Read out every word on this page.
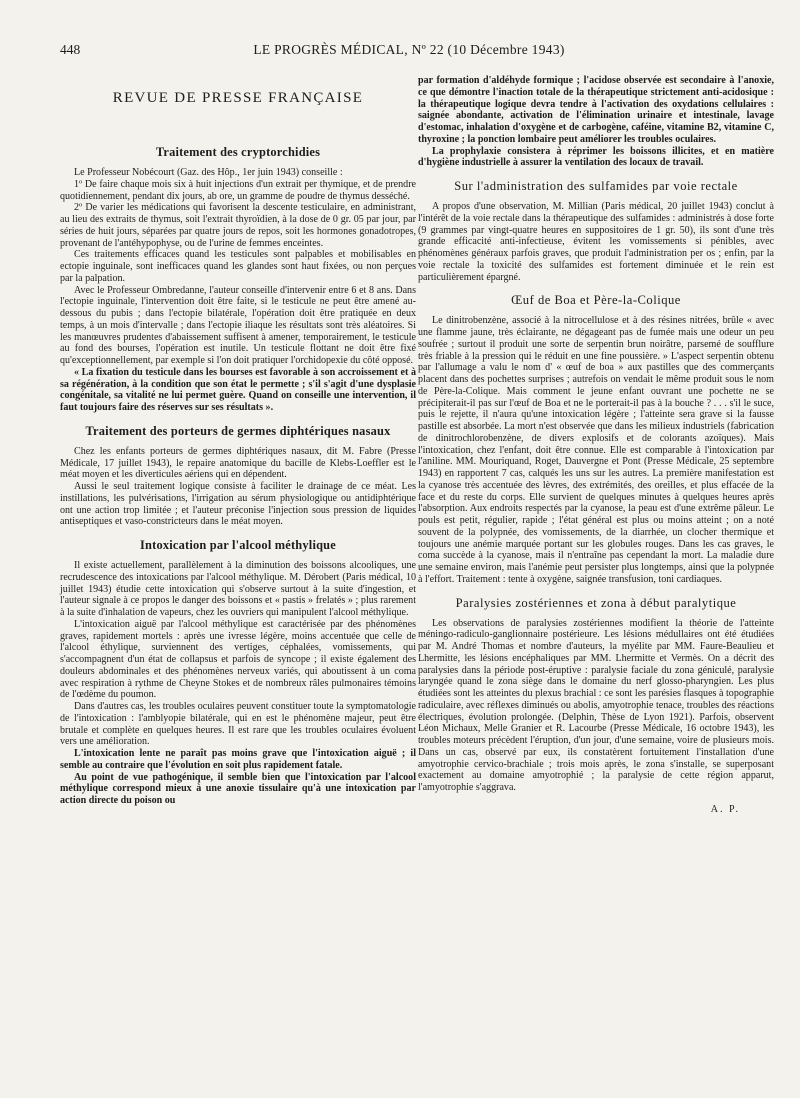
448	LE PROGRÈS MÉDICAL, Nº 22 (10 Décembre 1943)
REVUE DE PRESSE FRANÇAISE
Traitement des cryptorchidies

Le Professeur Nobécourt (Gaz. des Hôp., 1er juin 1943) conseille :

1º De faire chaque mois six à huit injections d'un extrait per thymique, et de prendre quotidiennement, pendant dix jours, ab ore, un gramme de poudre de thymus desséché.

2º De varier les médications qui favorisent la descente testiculaire, en administrant, au lieu des extraits de thymus, soit l'extrait thyroïdien, à la dose de 0 gr. 05 par jour, par séries de huit jours, séparées par quatre jours de repos, soit les hormones gonadotropes, provenant de l'antéhypophyse, ou de l'urine de femmes enceintes.

Ces traitements efficaces quand les testicules sont palpables et mobilisables en ectopie inguinale, sont inefficaces quand les glandes sont haut fixées, ou non perçues par la palpation.

Avec le Professeur Ombredanne, l'auteur conseille d'intervenir entre 6 et 8 ans. Dans l'ectopie inguinale, l'intervention doit être faite, si le testicule ne peut être amené au-dessous du pubis ; dans l'ectopie bilatérale, l'opération doit être pratiquée en deux temps, à un mois d'intervalle ; dans l'ectopie iliaque les résultats sont très aléatoires. Si les manœuvres prudentes d'abaissement suffisent à amener, temporairement, le testicule au fond des bourses, l'opération est inutile. Un testicule flottant ne doit être fixé qu'exceptionnellement, par exemple si l'on doit pratiquer l'orchidopexie du côté opposé.

« La fixation du testicule dans les bourses est favorable à son accroissement et à sa régénération, à la condition que son état le permette ; s'il s'agit d'une dysplasie congénitale, sa vitalité ne lui permet guère. Quand on conseille une intervention, il faut toujours faire des réserves sur ses résultats ».

Traitement des porteurs de germes diphtériques nasaux

Chez les enfants porteurs de germes diphtériques nasaux, dit M. Fabre (Presse Médicale, 17 juillet 1943), le repaire anatomique du bacille de Klebs-Loeffler est le méat moyen et les diverticules aériens qui en dépendent.

Aussi le seul traitement logique consiste à faciliter le drainage de ce méat. Les instillations, les pulvérisations, l'irrigation au sérum physiologique ou antidiphtérique ont une action trop limitée ; et l'auteur préconise l'injection sous pression de liquides antiseptiques et vaso-constricteurs dans le méat moyen.

Intoxication par l'alcool méthylique

Il existe actuellement, parallèlement à la diminution des boissons alcooliques, une recrudescence des intoxications par l'alcool méthylique. M. Dérobert (Paris médical, 10 juillet 1943) étudie cette intoxication qui s'observe surtout à la suite d'ingestion, et l'auteur signale à ce propos le danger des boissons et « pastis » frelatés » ; plus rarement à la suite d'inhalation de vapeurs, chez les ouvriers qui manipulent l'alcool méthylique.

L'intoxication aiguë par l'alcool méthylique est caractérisée par des phénomènes graves, rapidement mortels : après une ivresse légère, moins accentuée que celle de l'alcool éthylique, surviennent des vertiges, céphalées, vomissements, qui s'accompagnent d'un état de collapsus et parfois de syncope ; il existe également des douleurs abdominales et des phénomènes nerveux variés, qui aboutissent à un coma avec respiration à rythme de Cheyne Stokes et de nombreux râles pulmonaires témoins de l'œdème du poumon.

Dans d'autres cas, les troubles oculaires peuvent constituer toute la symptomatologie de l'intoxication : l'amblyopie bilatérale, qui en est le phénomène majeur, peut être brutale et complète en quelques heures. Il est rare que les troubles oculaires évoluent vers une amélioration.

L'intoxication lente ne paraît pas moins grave que l'intoxication aiguë ; il semble au contraire que l'évolution en soit plus rapidement fatale.

Au point de vue pathogénique, il semble bien que l'intoxication par l'alcool méthylique correspond mieux à une anoxie tissulaire qu'à une intoxication par action directe du poison ou

par formation d'aldéhyde formique ; l'acidose observée est secondaire à l'anoxie, ce que démontre l'inaction totale de la thérapeutique strictement anti-acidosique : la thérapeutique logique devra tendre à l'activation des oxydations cellulaires : saignée abondante, activation de l'élimination urinaire et intestinale, lavage d'estomac, inhalation d'oxygène et de carbogène, caféine, vitamine B2, vitamine C, thyroxine ; la ponction lombaire peut améliorer les troubles oculaires.

La prophylaxie consistera à réprimer les boissons illicites, et en matière d'hygiène industrielle à assurer la ventilation des locaux de travail.

Sur l'administration des sulfamides par voie rectale

A propos d'une observation, M. Millian (Paris médical, 20 juillet 1943) conclut à l'intérêt de la voie rectale dans la thérapeutique des sulfamides : administrés à dose forte (9 grammes par vingt-quatre heures en suppositoires de 1 gr. 50), ils sont d'une très grande efficacité anti-infectieuse, évitent les vomissements si pénibles, avec phénomènes généraux parfois graves, que produit l'administration per os ; enfin, par la voie rectale la toxicité des sulfamides est fortement diminuée et le rein est particulièrement épargné.

Œuf de Boa et Père-la-Colique

Le dinitrobenzène, associé à la nitrocellulose et à des résines nitrées, brûle « avec une flamme jaune, très éclairante, ne dégageant pas de fumée mais une odeur un peu soufrée ; surtout il produit une sorte de serpentin brun noirâtre, parsemé de soufflure très friable à la pression qui le réduit en une fine poussière. » L'aspect serpentin obtenu par l'allumage a valu le nom d' « œuf de boa » aux pastilles que des commerçants placent dans des pochettes surprises ; autrefois on vendait le même produit sous le nom de Père-la-Colique. Mais comment le jeune enfant ouvrant une pochette ne se précipiterait-il pas sur l'œuf de Boa et ne le porterait-il pas à la bouche ? . . . s'il le suce, puis le rejette, il n'aura qu'une intoxication légère ; l'atteinte sera grave si la fausse pastille est absorbée. La mort n'est observée que dans les milieux industriels (fabrication de dinitrochlorobenzène, de divers explosifs et de colorants azoïques). Mais l'intoxication, chez l'enfant, doit être connue. Elle est comparable à l'intoxication par l'aniline. MM. Mouriquand, Roget, Dauvergne et Pont (Presse Médicale, 25 septembre 1943) en rapportent 7 cas, calqués les uns sur les autres. La première manifestation est la cyanose très accentuée des lèvres, des extrémités, des oreilles, et plus effacée de la face et du reste du corps. Elle survient de quelques minutes à quelques heures après l'absorption. Aux endroits respectés par la cyanose, la peau est d'une extrême pâleur. Le pouls est petit, régulier, rapide ; l'état général est plus ou moins atteint ; on a noté souvent de la polypnée, des vomissements, de la diarrhée, un clocher thermique et toujours une anémie marquée portant sur les globules rouges. Dans les cas graves, le coma succède à la cyanose, mais il n'entraîne pas cependant la mort. La maladie dure une semaine environ, mais l'anémie peut persister plus longtemps, ainsi que la polypnée à l'effort. Traitement : tente à oxygène, saignée transfusion, toni cardiaques.

Paralysies zostériennes et zona à début paralytique

Les observations de paralysies zostériennes modifient la théorie de l'atteinte méningo-radiculo-ganglionnaire postérieure. Les lésions médullaires ont été étudiées par M. André Thomas et nombre d'auteurs, la myélite par MM. Faure-Beaulieu et Lhermitte, les lésions encéphaliques par MM. Lhermitte et Vermès. On a décrit des paralysies dans la période post-éruptive : paralysie faciale du zona géniculé, paralysie laryngée quand le zona siège dans le domaine du nerf glosso-pharyngien. Les plus étudiées sont les atteintes du plexus brachial : ce sont les parésies flasques à topographie radiculaire, avec réflexes diminués ou abolis, amyotrophie tenace, troubles des réactions électriques, évolution prolongée. (Delphin, Thèse de Lyon 1921). Parfois, observent Léon Michaux, Melle Granier et R. Lacourbe (Presse Médicale, 16 octobre 1943), les troubles moteurs précèdent l'éruption, d'un jour, d'une semaine, voire de plusieurs mois. Dans un cas, observé par eux, ils constatèrent fortuitement l'installation d'une amyotrophie cervico-brachiale ; trois mois après, le zona s'installe, se superposant exactement au domaine amyotrophié ; la paralysie de cette région apparut, l'amyotrophie s'aggrava.

A. P.
